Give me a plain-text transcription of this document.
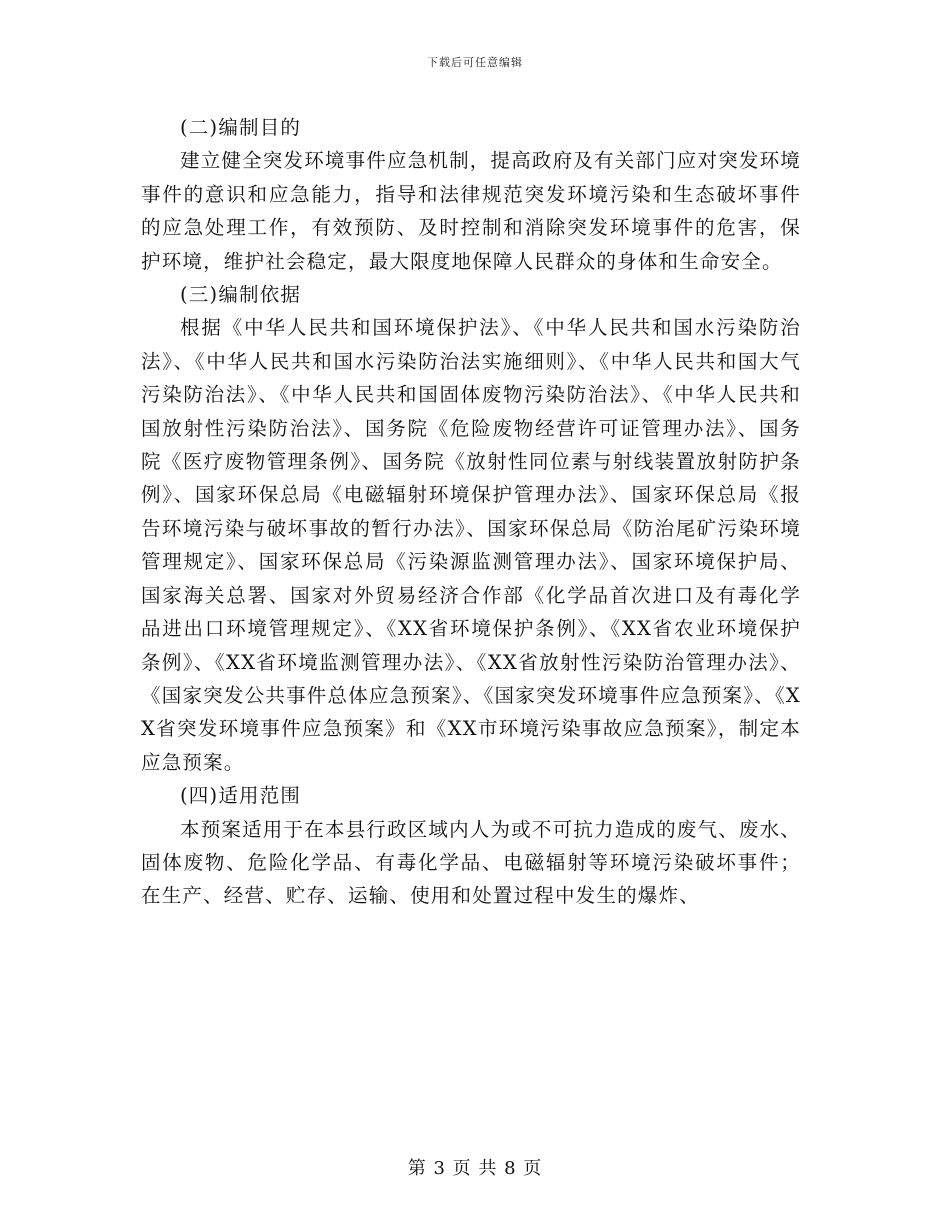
下载后可任意编辑

(二)编制目的

建立健全突发环境事件应急机制，提高政府及有关部门应对突发环境事件的意识和应急能力，指导和法律规范突发环境污染和生态破坏事件的应急处理工作，有效预防、及时控制和消除突发环境事件的危害，保护环境，维护社会稳定，最大限度地保障人民群众的身体和生命安全。

(三)编制依据

根据《中华人民共和国环境保护法》、《中华人民共和国水污染防治法》、《中华人民共和国水污染防治法实施细则》、《中华人民共和国大气污染防治法》、《中华人民共和国固体废物污染防治法》、《中华人民共和国放射性污染防治法》、国务院《危险废物经营许可证管理办法》、国务院《医疗废物管理条例》、国务院《放射性同位素与射线装置放射防护条例》、国家环保总局《电磁辐射环境保护管理办法》、国家环保总局《报告环境污染与破坏事故的暂行办法》、国家环保总局《防治尾矿污染环境管理规定》、国家环保总局《污染源监测管理办法》、国家环境保护局、国家海关总署、国家对外贸易经济合作部《化学品首次进口及有毒化学品进出口环境管理规定》、《XX省环境保护条例》、《XX省农业环境保护条例》、《XX省环境监测管理办法》、《XX省放射性污染防治管理办法》、《国家突发公共事件总体应急预案》、《国家突发环境事件应急预案》、《XX省突发环境事件应急预案》和《XX市环境污染事故应急预案》，制定本应急预案。

(四)适用范围

本预案适用于在本县行政区域内人为或不可抗力造成的废气、废水、固体废物、危险化学品、有毒化学品、电磁辐射等环境污染破坏事件；在生产、经营、贮存、运输、使用和处置过程中发生的爆炸、

第 3 页 共 8 页
